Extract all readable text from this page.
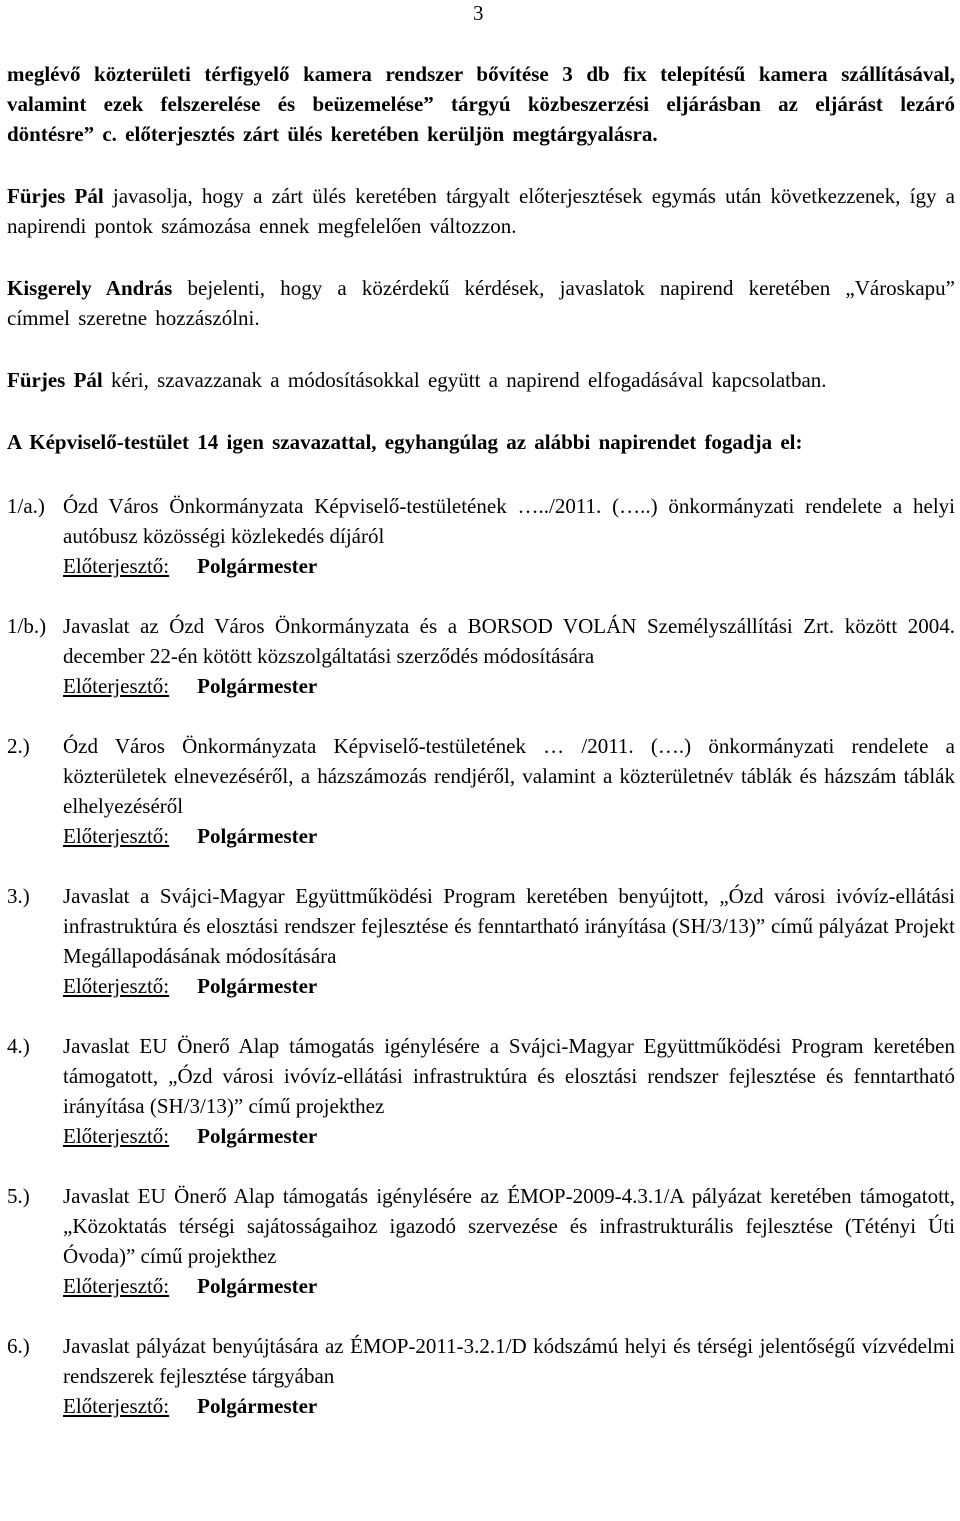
3

meglévő közterületi térfigyelő kamera rendszer bővítése 3 db fix telepítésű kamera szállításával, valamint ezek felszerelése és beüzemelése” tárgyú közbeszerzési eljárásban az eljárást lezáró döntésre” c. előterjesztés zárt ülés keretében kerüljön megtárgyalásra.

Fürjes Pál javasolja, hogy a zárt ülés keretében tárgyalt előterjesztések egymás után következzenek, így a napirendi pontok számozása ennek megfelelően változzon.

Kisgerely András bejelenti, hogy a közérdekű kérdések, javaslatok napirend keretében „Városkapu” címmel szeretne hozzászólni.

Fürjes Pál kéri, szavazzanak a módosításokkal együtt a napirend elfogadásával kapcsolatban.

A Képviselő-testület 14 igen szavazattal, egyhangúlag az alábbi napirendet fogadja el:

1/a.) Ózd Város Önkormányzata Képviselő-testületének …../2011. (…..) önkormányzati rendelete a helyi autóbusz közösségi közlekedés díjáról
Előterjesztő: Polgármester
1/b.) Javaslat az Ózd Város Önkormányzata és a BORSOD VOLÁN Személyszállítási Zrt. között 2004. december 22-én kötött közszolgáltatási szerződés módosítására
Előterjesztő: Polgármester
2.) Ózd Város Önkormányzata Képviselő-testületének … /2011. (….) önkormányzati rendelete a közterületek elnevezéséről, a házszámozás rendjéről, valamint a közterületnév táblák és házszám táblák elhelyezéséről
Előterjesztő: Polgármester
3.) Javaslat a Svájci-Magyar Együttműködési Program keretében benyújtott, „Ózd városi ivóvíz-ellátási infrastruktúra és elosztási rendszer fejlesztése és fenntartható irányítása (SH/3/13)” című pályázat Projekt Megállapodásának módosítására
Előterjesztő: Polgármester
4.) Javaslat EU Önerő Alap támogatás igénylésére a Svájci-Magyar Együttműködési Program keretében támogatott, „Ózd városi ivóvíz-ellátási infrastruktúra és elosztási rendszer fejlesztése és fenntartható irányítása (SH/3/13)” című projekthez
Előterjesztő: Polgármester
5.) Javaslat EU Önerő Alap támogatás igénylésére az ÉMOP-2009-4.3.1/A pályázat keretében támogatott, „Közoktatás térségi sajátosságaihoz igazodó szervezése és infrastrukturális fejlesztése (Tétényi Úti Óvoda)” című projekthez
Előterjesztő: Polgármester
6.) Javaslat pályázat benyújtására az ÉMOP-2011-3.2.1/D kódszámú helyi és térségi jelentőségű vízvédelmi rendszerek fejlesztése tárgyában
Előterjesztő: Polgármester
